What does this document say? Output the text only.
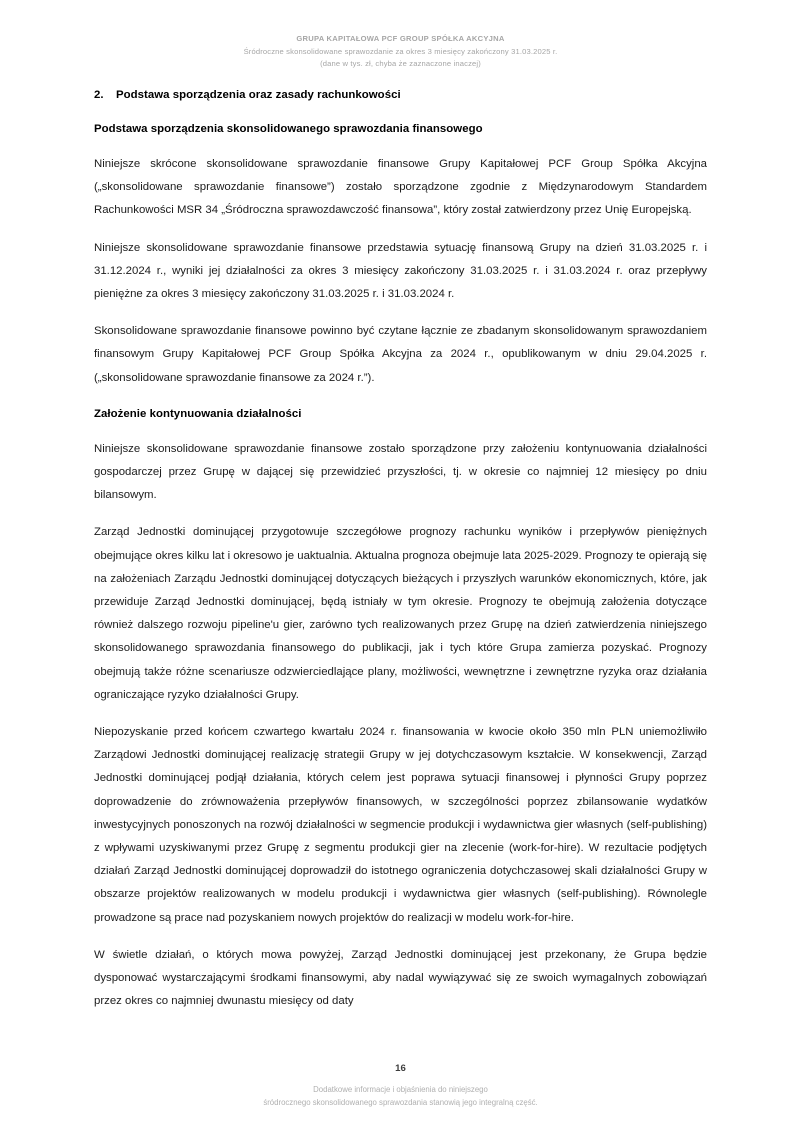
GRUPA KAPITAŁOWA PCF GROUP SPÓŁKA AKCYJNA
Śródroczne skonsolidowane sprawozdanie za okres 3 miesięcy zakończony 31.03.2025 r.
(dane w tys. zł, chyba że zaznaczone inaczej)
2. Podstawa sporządzenia oraz zasady rachunkowości
Podstawa sporządzenia skonsolidowanego sprawozdania finansowego

Niniejsze skrócone skonsolidowane sprawozdanie finansowe Grupy Kapitałowej PCF Group Spółka Akcyjna („skonsolidowane sprawozdanie finansowe”) zostało sporządzone zgodnie z Międzynarodowym Standardem Rachunkowości MSR 34 „Śródroczna sprawozdawczość finansowa”, który został zatwierdzony przez Unię Europejską.

Niniejsze skonsolidowane sprawozdanie finansowe przedstawia sytuację finansową Grupy na dzień 31.03.2025 r. i 31.12.2024 r., wyniki jej działalności za okres 3 miesięcy zakończony 31.03.2025 r. i 31.03.2024 r. oraz przepływy pieniężne za okres 3 miesięcy zakończony 31.03.2025 r. i 31.03.2024 r.

Skonsolidowane sprawozdanie finansowe powinno być czytane łącznie ze zbadanym skonsolidowanym sprawozdaniem finansowym Grupy Kapitałowej PCF Group Spółka Akcyjna za 2024 r., opublikowanym w dniu 29.04.2025 r. („skonsolidowane sprawozdanie finansowe za 2024 r.”).

Założenie kontynuowania działalności

Niniejsze skonsolidowane sprawozdanie finansowe zostało sporządzone przy założeniu kontynuowania działalności gospodarczej przez Grupę w dającej się przewidzieć przyszłości, tj. w okresie co najmniej 12 miesięcy po dniu bilansowym.

Zarząd Jednostki dominującej przygotowuje szczegółowe prognozy rachunku wyników i przepływów pieniężnych obejmujące okres kilku lat i okresowo je uaktualnia. Aktualna prognoza obejmuje lata 2025-2029. Prognozy te opierają się na założeniach Zarządu Jednostki dominującej dotyczących bieżących i przyszłych warunków ekonomicznych, które, jak przewiduje Zarząd Jednostki dominującej, będą istniały w tym okresie. Prognozy te obejmują założenia dotyczące również dalszego rozwoju pipeline'u gier, zarówno tych realizowanych przez Grupę na dzień zatwierdzenia niniejszego skonsolidowanego sprawozdania finansowego do publikacji, jak i tych które Grupa zamierza pozyskać. Prognozy obejmują także różne scenariusze odzwierciedlające plany, możliwości, wewnętrzne i zewnętrzne ryzyka oraz działania ograniczające ryzyko działalności Grupy.

Niepozyskanie przed końcem czwartego kwartału 2024 r. finansowania w kwocie około 350 mln PLN uniemożliwiło Zarządowi Jednostki dominującej realizację strategii Grupy w jej dotychczasowym kształcie. W konsekwencji, Zarząd Jednostki dominującej podjął działania, których celem jest poprawa sytuacji finansowej i płynności Grupy poprzez doprowadzenie do zrównoważenia przepływów finansowych, w szczególności poprzez zbilansowanie wydatków inwestycyjnych ponoszonych na rozwój działalności w segmencie produkcji i wydawnictwa gier własnych (self-publishing) z wpływami uzyskiwanymi przez Grupę z segmentu produkcji gier na zlecenie (work-for-hire). W rezultacie podjętych działań Zarząd Jednostki dominującej doprowadził do istotnego ograniczenia dotychczasowej skali działalności Grupy w obszarze projektów realizowanych w modelu produkcji i wydawnictwa gier własnych (self-publishing). Równolegle prowadzone są prace nad pozyskaniem nowych projektów do realizacji w modelu work-for-hire.

W świetle działań, o których mowa powyżej, Zarząd Jednostki dominującej jest przekonany, że Grupa będzie dysponować wystarczającymi środkami finansowymi, aby nadal wywiązywać się ze swoich wymagalnych zobowiązań przez okres co najmniej dwunastu miesięcy od daty

16
Dodatkowe informacje i objaśnienia do niniejszego
śródrocznego skonsolidowanego sprawozdania stanowią jego integralną część.
